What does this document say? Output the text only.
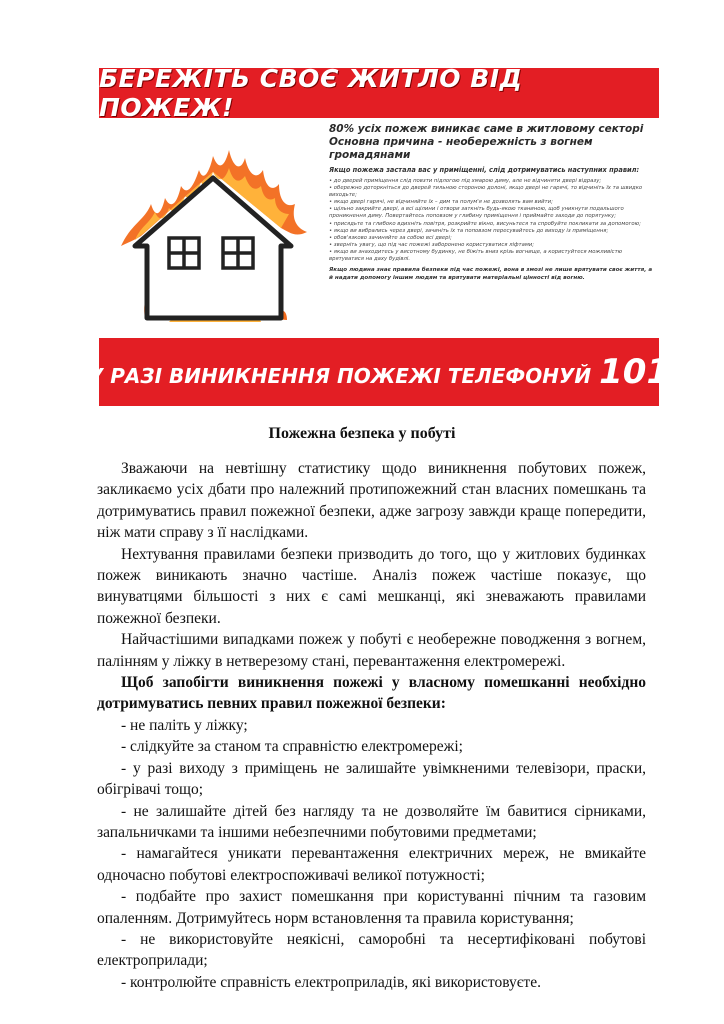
БЕРЕЖІТЬ СВОЄ ЖИТЛО ВІД ПОЖЕЖ!
80% усіх пожеж виникає саме в житловому секторі
Основна причина - необережність з вогнем громадянами
Якщо пожежа застала вас у приміщенні, слід дотримуватись наступних правил:
• до дверей приміщення слід повзти підлогою під хмарою диму, але не відчиняти двері відразу;
• обережно доторкніться до дверей тильною стороною долоні, якщо двері не гарячі, то відчиніть їх та швидко виходьте;
• якщо двері гарячі, не відчиняйте їх – дим та полум'я не дозволять вам вийти;
• щільно закрийте двері, а всі щілини і отвори заткніть будь-якою тканиною, щоб уникнути подальшого проникнення диму. Повертайтесь поповзом у глибину приміщення і приймайте заходи до порятунку;
• присядьте та глибоко вдихніть повітря, розкрийте вікно, висуньтеся та спробуйте покликати за допомогою;
• якщо ви вибрались через двері, зачиніть їх та поповзом пересувайтесь до виходу із приміщення;
• обов'язково зачиняйте за собою всі двері;
• зверніть увагу, що під час пожежі заборонено користуватися ліфтами;
• якщо ви знаходитесь у висотному будинку, не біжіть вниз крізь вогнище, а користуйтеся можливістю врятуватися на даху будівлі.
Якщо людина знає правила безпеки під час пожежі, вона в змозі не лише врятувати своє життя, а й надати допомогу іншим людям та врятувати матеріальні цінності від вогню.
У РАЗІ ВИНИКНЕННЯ ПОЖЕЖІ ТЕЛЕФОНУЙ 101
Пожежна безпека у побуті

Зважаючи на невтішну статистику щодо виникнення побутових пожеж, закликаємо усіх дбати про належний протипожежний стан власних помешкань та дотримуватись правил пожежної безпеки, адже загрозу завжди краще попередити, ніж мати справу з її наслідками.

Нехтування правилами безпеки призводить до того, що у житлових будинках пожеж виникають значно частіше. Аналіз пожеж частіше показує, що винуватцями більшості з них є самі мешканці, які зневажають правилами пожежної безпеки.

Найчастішими випадками пожеж у побуті є необережне поводження з вогнем, палінням у ліжку в нетверезому стані, перевантаження електромережі.

Щоб запобігти виникнення пожежі у власному помешканні необхідно дотримуватись певних правил пожежної безпеки:

- не паліть у ліжку;

- слідкуйте за станом та справністю електромережі;

- у разі виходу з приміщень не залишайте увімкненими телевізори, праски, обігрівачі тощо;

- не залишайте дітей без нагляду та не дозволяйте їм бавитися сірниками, запальничками та іншими небезпечними побутовими предметами;

- намагайтеся уникати перевантаження електричних мереж, не вмикайте одночасно побутові електроспоживачі великої потужності;

- подбайте про захист помешкання при користуванні пічним та газовим опаленням. Дотримуйтесь норм встановлення та правила користування;

- не використовуйте неякісні, саморобні та несертифіковані побутові електроприлади;

- контролюйте справність електроприладів, які використовуєте.
